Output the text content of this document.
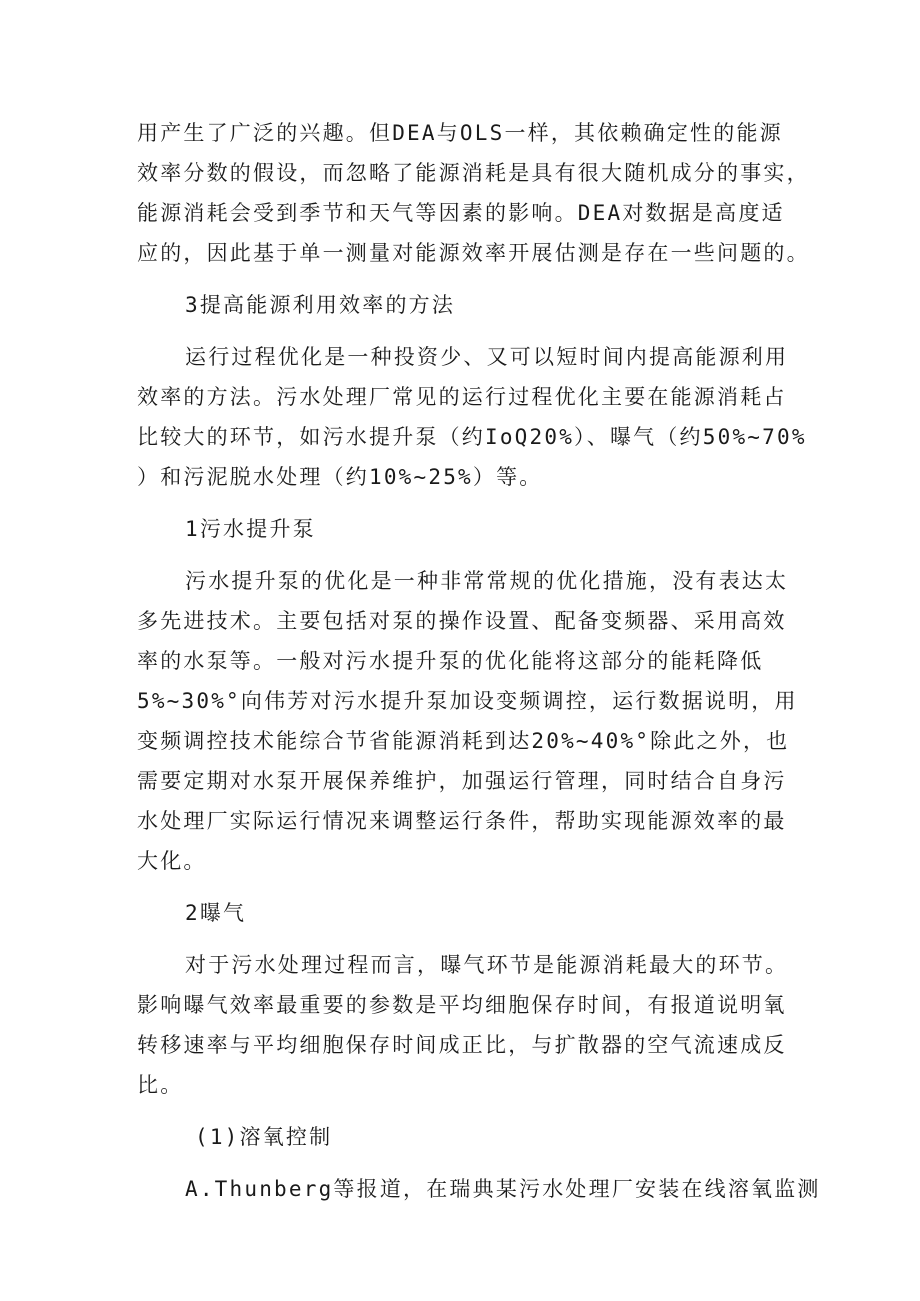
用产生了广泛的兴趣。但DEA与OLS一样，其依赖确定性的能源
效率分数的假设，而忽略了能源消耗是具有很大随机成分的事实，
能源消耗会受到季节和天气等因素的影响。DEA对数据是高度适
应的，因此基于单一测量对能源效率开展估测是存在一些问题的。

3提高能源利用效率的方法

运行过程优化是一种投资少、又可以短时间内提高能源利用
效率的方法。污水处理厂常见的运行过程优化主要在能源消耗占
比较大的环节，如污水提升泵（约IoQ20%）、曝气（约50%~70%
）和污泥脱水处理（约10%~25%）等。

1污水提升泵

污水提升泵的优化是一种非常常规的优化措施，没有表达太
多先进技术。主要包括对泵的操作设置、配备变频器、采用高效
率的水泵等。一般对污水提升泵的优化能将这部分的能耗降低
5%~30%°向伟芳对污水提升泵加设变频调控，运行数据说明，用
变频调控技术能综合节省能源消耗到达20%~40%°除此之外，也
需要定期对水泵开展保养维护，加强运行管理，同时结合自身污
水处理厂实际运行情况来调整运行条件，帮助实现能源效率的最
大化。

2曝气

对于污水处理过程而言，曝气环节是能源消耗最大的环节。
影响曝气效率最重要的参数是平均细胞保存时间，有报道说明氧
转移速率与平均细胞保存时间成正比，与扩散器的空气流速成反
比。

(1)溶氧控制

A.Thunberg等报道，在瑞典某污水处理厂安装在线溶氧监测
